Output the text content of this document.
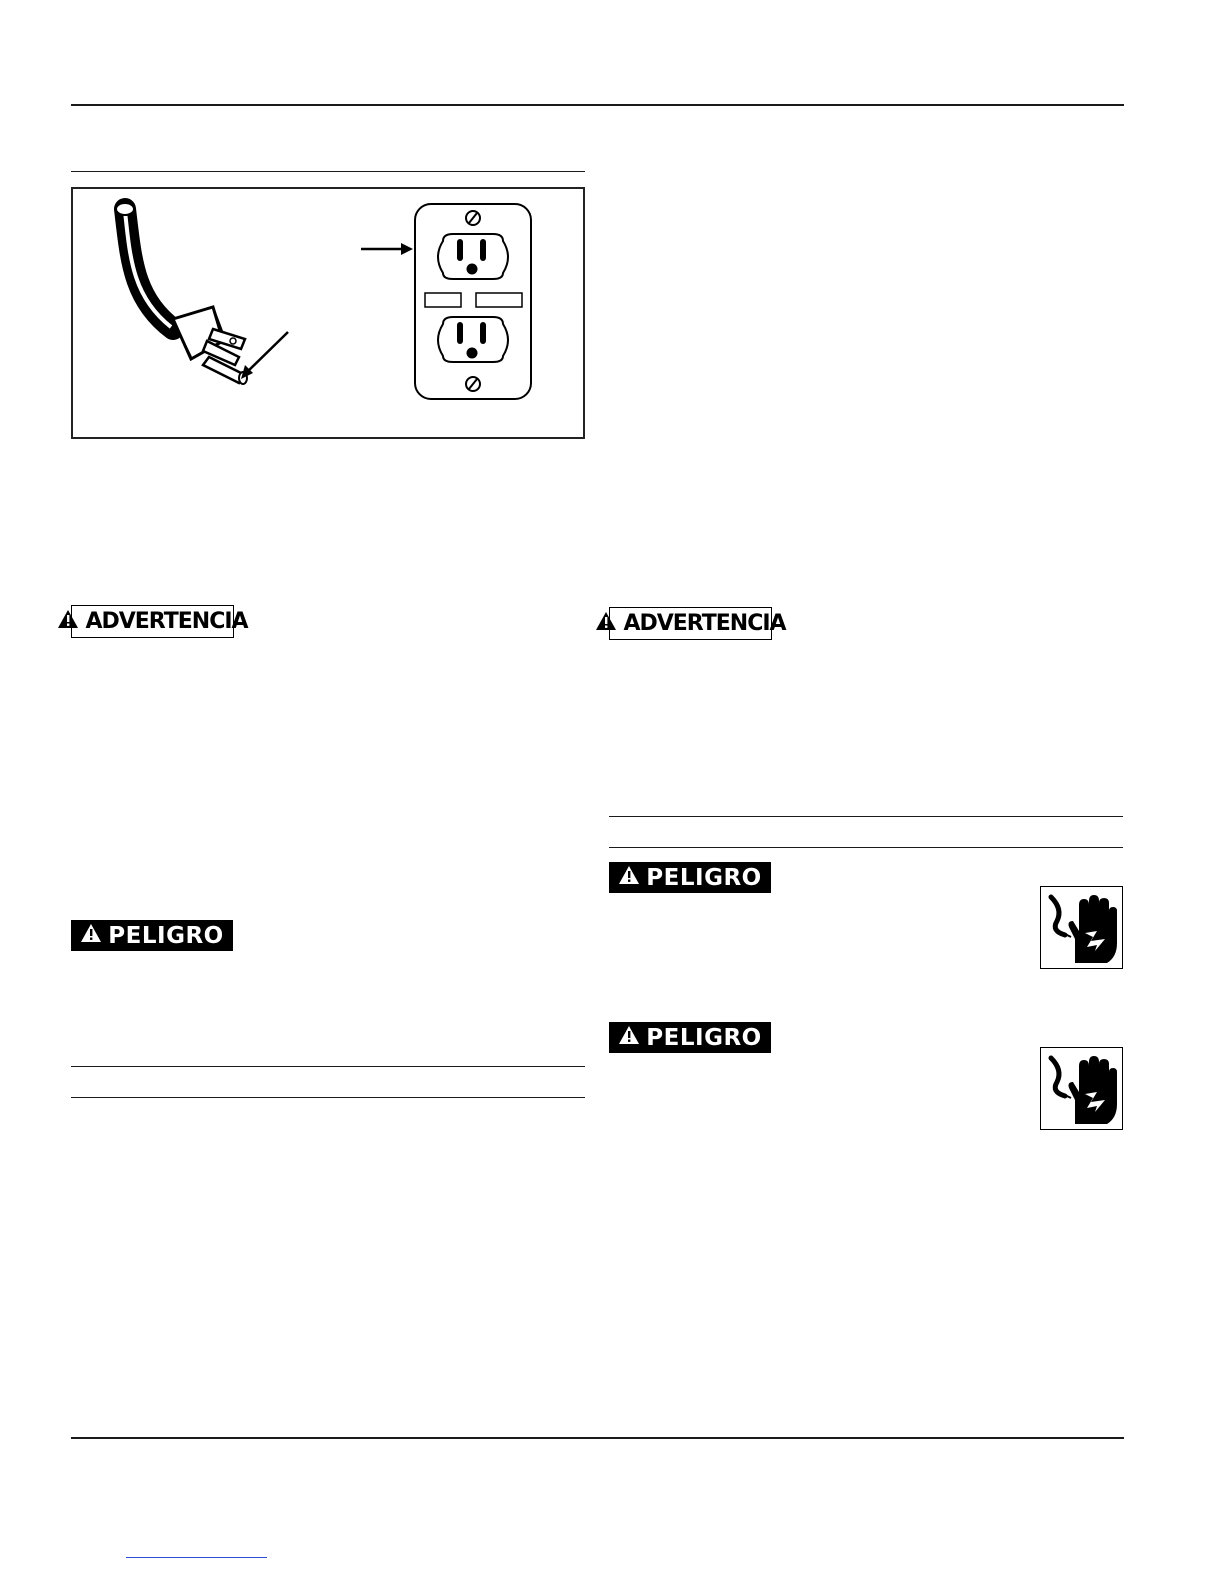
ADVERTENCIA
PELIGRO
ADVERTENCIA
PELIGRO
PELIGRO
